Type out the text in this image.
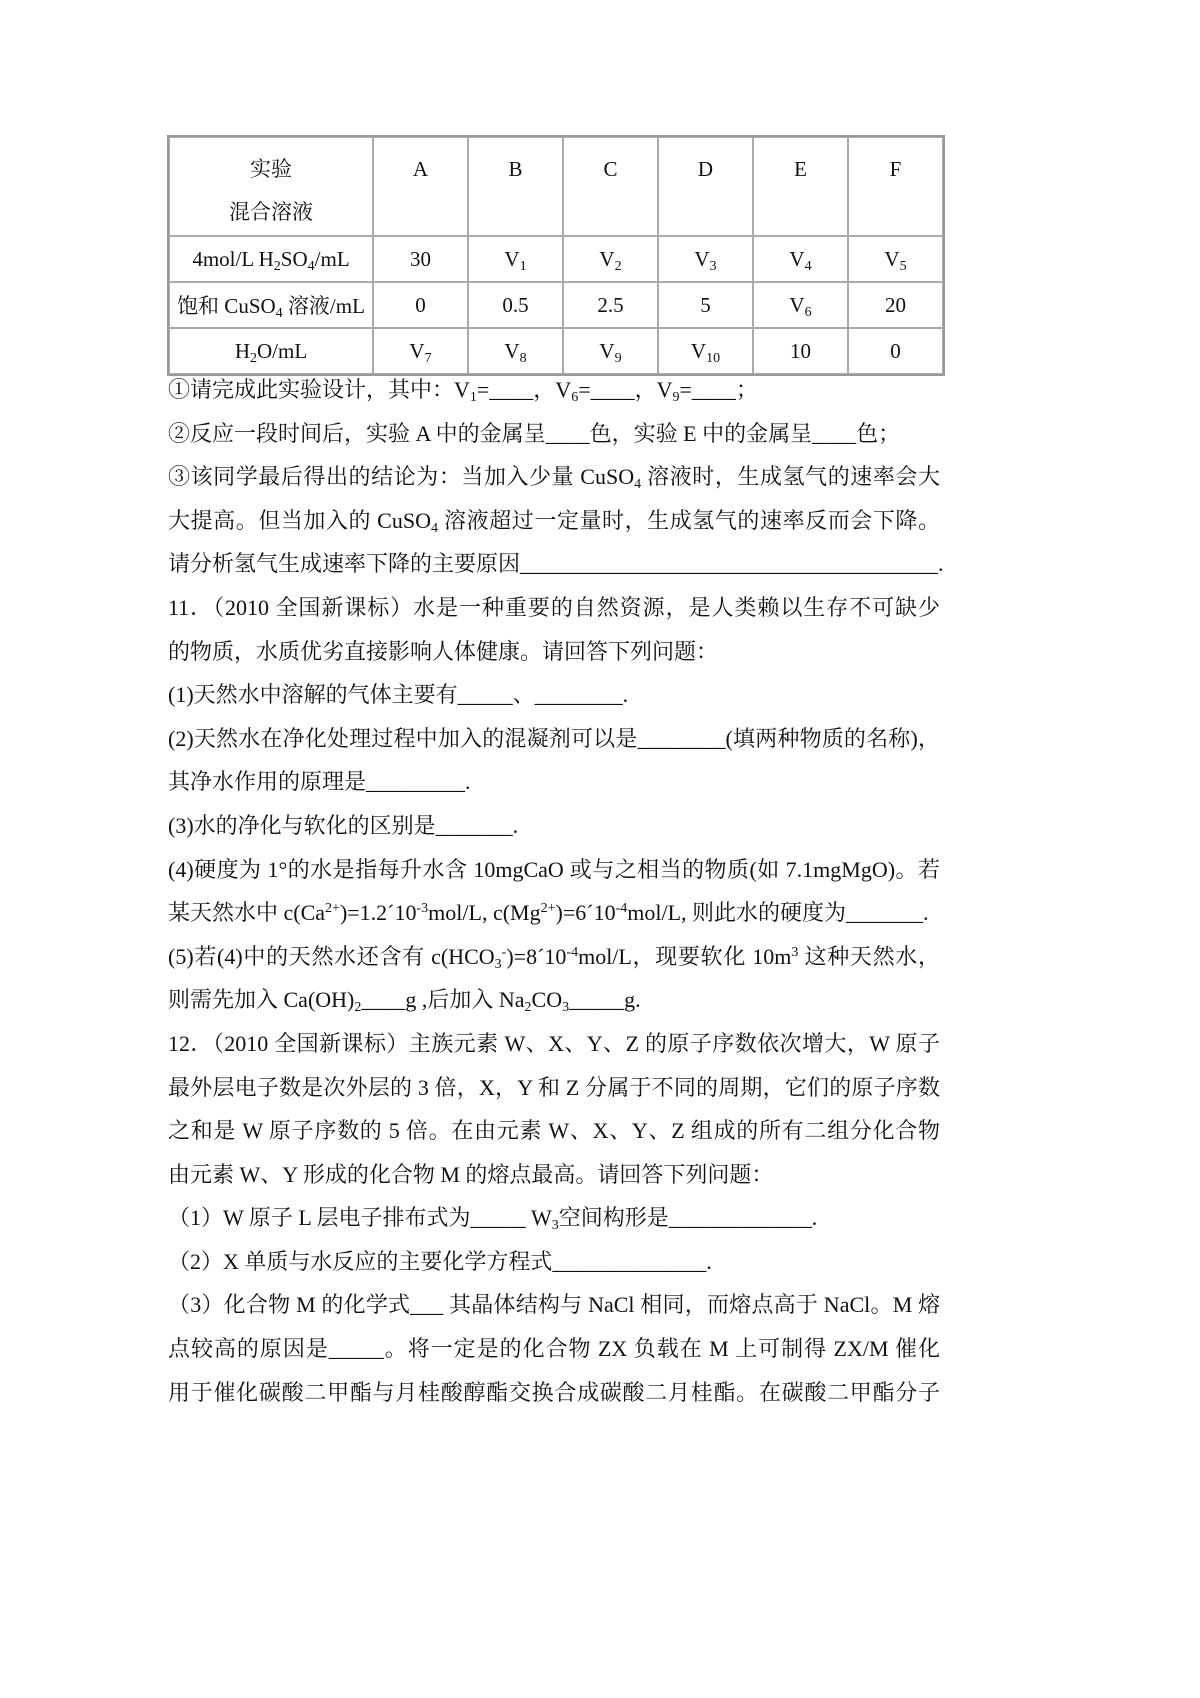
实验
混合溶液	A	B	C	D	E	F
4mol/L $H_2SO_4/mL$	30	$V_1$	$V_2$	$V_3$	$V_4$	$V_5$
饱和 CuSO$_4$ 溶液/mL	0	0.5	2.5	5	$V_6$	20
$H_2O/mL$	$V_7$	$V_8$	$V_9$	$V_{10}$	10	0
①请完成此实验设计，其中：$V_1=\_\_\_\_$，$V_6=\_\_\_\_$，$V_9=\_\_\_\_$；
②反应一段时间后，实验 A 中的金属呈____色，实验 E 中的金属呈____色；
③该同学最后得出的结论为：当加入少量 CuSO$_4$ 溶液时，生成氢气的速率会大
大提高。但当加入的 CuSO$_4$ 溶液超过一定量时，生成氢气的速率反而会下降。
请分析氢气生成速率下降的主要原因______________________________________.
11．（2010 全国新课标）水是一种重要的自然资源，是人类赖以生存不可缺少
的物质，水质优劣直接影响人体健康。请回答下列问题：
(1)天然水中溶解的气体主要有_____、________.
(2)天然水在净化处理过程中加入的混凝剂可以是________(填两种物质的名称)，
其净水作用的原理是_________.
(3)水的净化与软化的区别是_______.
(4)硬度为 1°的水是指每升水含 10mgCaO 或与之相当的物质(如 7.1mgMgO)。若
某天然水中 $c(Ca^{2+})=1.2´10^{-3}mol/L$, $c(Mg^{2+})=6´10^{-4}mol/L$, 则此水的硬度为_______.
(5)若(4)中的天然水还含有 $c(HCO_3^-)=8´10^{-4}mol/L$，现要软化 $10m^3$ 这种天然水，
则需先加入 $Ca(OH)_2\_\_\_\_g$ ,后加入 $Na_2CO_3\_\_\_\_\_g$.
12．（2010 全国新课标）主族元素 W、X、Y、Z 的原子序数依次增大，W 原子
最外层电子数是次外层的 3 倍，X，Y 和 Z 分属于不同的周期，它们的原子序数
之和是 W 原子序数的 5 倍。在由元素 W、X、Y、Z 组成的所有二组分化合物
由元素 W、Y 形成的化合物 M 的熔点最高。请回答下列问题：
（1）W 原子 L 层电子排布式为_____ $W_3$空间构形是_____________.
（2）X 单质与水反应的主要化学方程式______________.
（3）化合物 M 的化学式___ 其晶体结构与 NaCl 相同，而熔点高于 NaCl。M 熔
点较高的原因是_____。将一定是的化合物 ZX 负载在 M 上可制得 ZX/M 催化
用于催化碳酸二甲酯与月桂酸醇酯交换合成碳酸二月桂酯。在碳酸二甲酯分子
